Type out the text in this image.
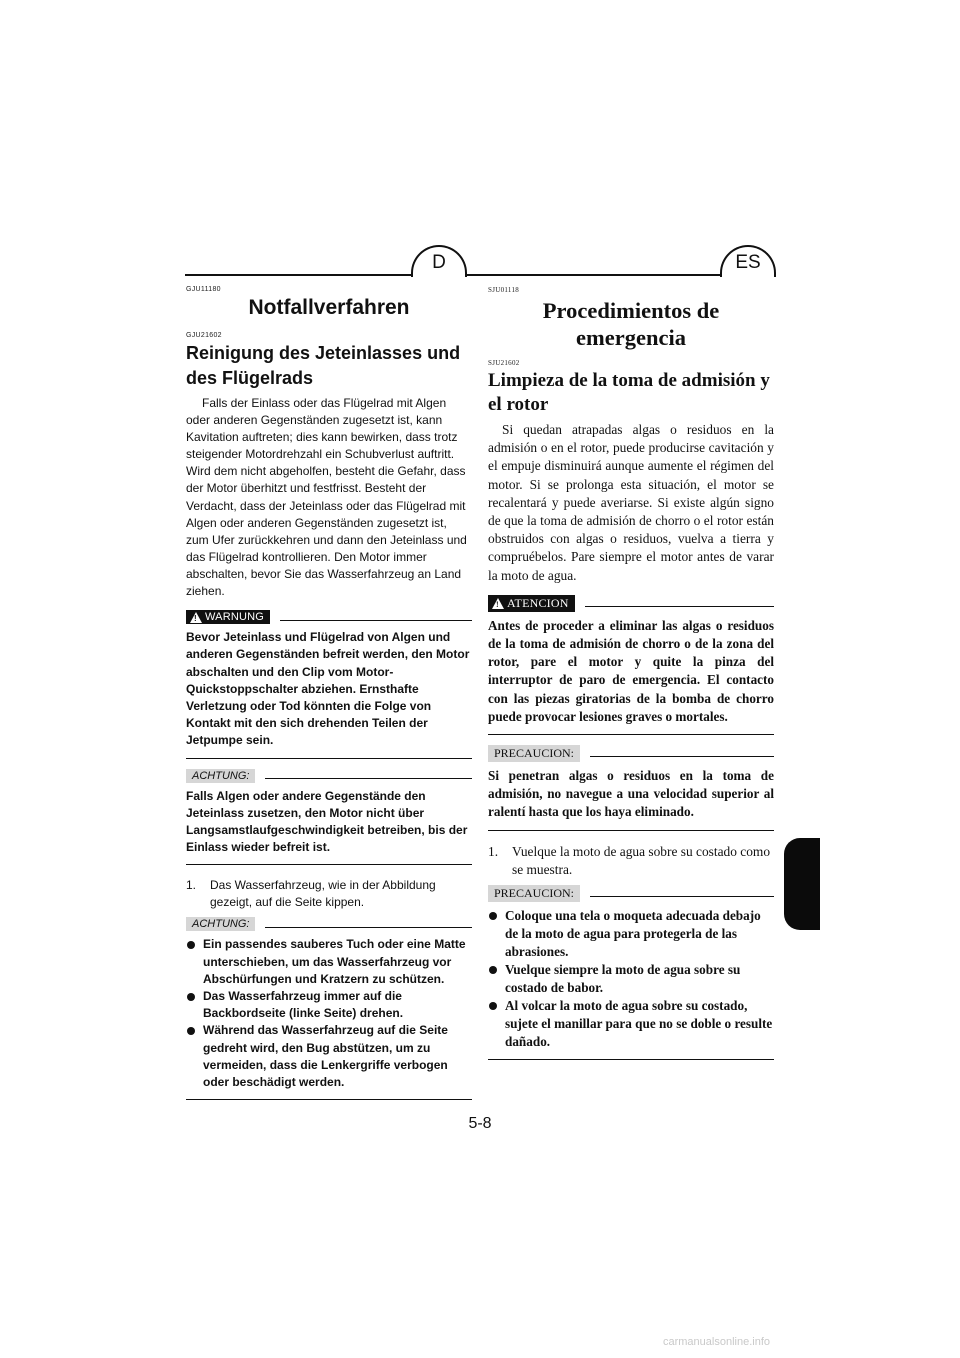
D	ES

GJU11180

Notfallverfahren

GJU21602

Reinigung des Jeteinlasses und des Flügelrads

Falls der Einlass oder das Flügelrad mit Algen oder anderen Gegenständen zugesetzt ist, kann Kavitation auftreten; dies kann bewirken, dass trotz steigender Motordrehzahl ein Schubverlust auftritt. Wird dem nicht abgeholfen, besteht die Gefahr, dass der Motor überhitzt und festfrisst. Besteht der Verdacht, dass der Jeteinlass oder das Flügelrad mit Algen oder anderen Gegenständen zugesetzt ist, zum Ufer zurückkehren und dann den Jeteinlass und das Flügelrad kontrollieren. Den Motor immer abschalten, bevor Sie das Wasserfahrzeug an Land ziehen.

! WARNUNG

Bevor Jeteinlass und Flügelrad von Algen und anderen Gegenständen befreit werden, den Motor abschalten und den Clip vom Motor-Quickstoppschalter abziehen. Ernsthafte Verletzung oder Tod könnten die Folge von Kontakt mit den sich drehenden Teilen der Jetpumpe sein.

ACHTUNG:

Falls Algen oder andere Gegenstände den Jeteinlass zusetzen, den Motor nicht über Langsamstlaufgeschwindigkeit betreiben, bis der Einlass wieder befreit ist.

1.	Das Wasserfahrzeug, wie in der Abbildung gezeigt, auf die Seite kippen.
ACHTUNG:
Ein passendes sauberes Tuch oder eine Matte unterschieben, um das Wasserfahrzeug vor Abschürfungen und Kratzern zu schützen.
Das Wasserfahrzeug immer auf die Backbordseite (linke Seite) drehen.
Während das Wasserfahrzeug auf die Seite gedreht wird, den Bug abstützen, um zu vermeiden, dass die Lenkergriffe verbogen oder beschädigt werden.

SJU01118

Procedimientos de emergencia

SJU21602

Limpieza de la toma de admisión y el rotor

Si quedan atrapadas algas o residuos en la admisión o en el rotor, puede producirse cavitación y el empuje disminuirá aunque aumente el régimen del motor. Si se prolonga esta situación, el motor se recalentará y puede averiarse. Si existe algún signo de que la toma de admisión de chorro o el rotor están obstruidos con algas o residuos, vuelva a tierra y compruébelos. Pare siempre el motor antes de varar la moto de agua.

! ATENCION

Antes de proceder a eliminar las algas o residuos de la toma de admisión de chorro o de la zona del rotor, pare el motor y quite la pinza del interruptor de paro de emergencia. El contacto con las piezas giratorias de la bomba de chorro puede provocar lesiones graves o mortales.

PRECAUCION:

Si penetran algas o residuos en la toma de admisión, no navegue a una velocidad superior al ralentí hasta que los haya eliminado.

1.	Vuelque la moto de agua sobre su costado como se muestra.
PRECAUCION:
Coloque una tela o moqueta adecuada debajo de la moto de agua para protegerla de las abrasiones.
Vuelque siempre la moto de agua sobre su costado de babor.
Al volcar la moto de agua sobre su costado, sujete el manillar para que no se doble o resulte dañado.
5-8
carmanualsonline.info
